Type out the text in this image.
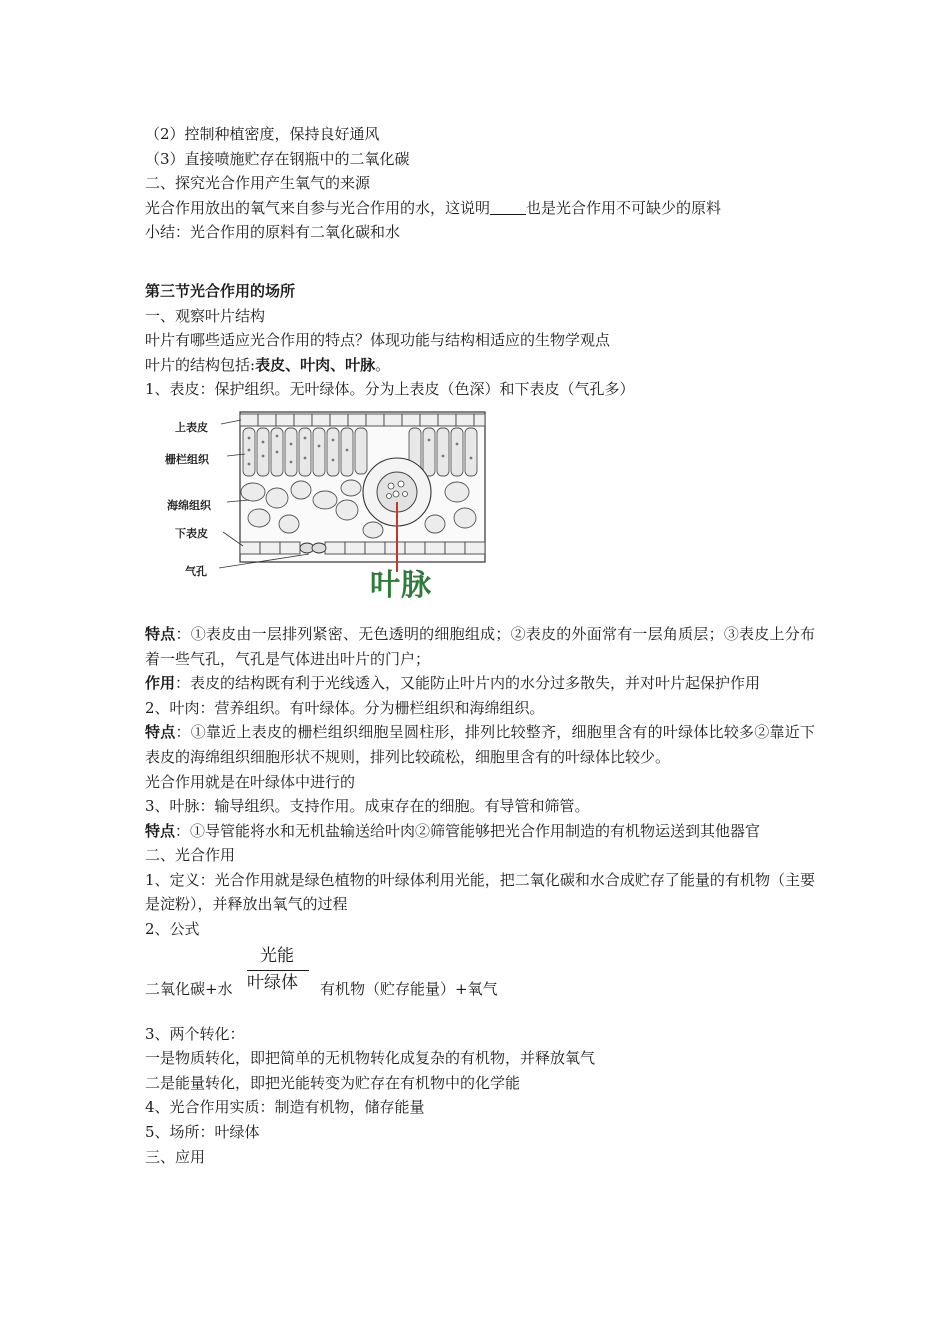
（2）控制种植密度，保持良好通风

（3）直接喷施贮存在钢瓶中的二氧化碳

二、探究光合作用产生氧气的来源

光合作用放出的氧气来自参与光合作用的水，这说明 也是光合作用不可缺少的原料

小结：光合作用的原料有二氧化碳和水

第三节光合作用的场所

一、观察叶片结构

叶片有哪些适应光合作用的特点？体现功能与结构相适应的生物学观点

叶片的结构包括:表皮、叶肉、叶脉。

1、表皮：保护组织。无叶绿体。分为上表皮（色深）和下表皮（气孔多）

上表皮
栅栏组织
海绵组织
下表皮
气孔	叶脉

特点：①表皮由一层排列紧密、无色透明的细胞组成；②表皮的外面常有一层角质层；③表皮上分布着一些气孔，气孔是气体进出叶片的门户；

作用：表皮的结构既有利于光线透入，又能防止叶片内的水分过多散失，并对叶片起保护作用

2、叶肉：营养组织。有叶绿体。分为栅栏组织和海绵组织。

特点：①靠近上表皮的栅栏组织细胞呈圆柱形，排列比较整齐，细胞里含有的叶绿体比较多②靠近下表皮的海绵组织细胞形状不规则，排列比较疏松，细胞里含有的叶绿体比较少。

光合作用就是在叶绿体中进行的

3、叶脉：输导组织。支持作用。成束存在的细胞。有导管和筛管。

特点：①导管能将水和无机盐输送给叶肉②筛管能够把光合作用制造的有机物运送到其他器官

二、光合作用

1、定义：光合作用就是绿色植物的叶绿体利用光能，把二氧化碳和水合成贮存了能量的有机物（主要是淀粉），并释放出氧气的过程

2、公式

二氧化碳+水
光能
叶绿体 有机物（贮存能量）+氧气

3、两个转化：

一是物质转化，即把简单的无机物转化成复杂的有机物，并释放氧气

二是能量转化，即把光能转变为贮存在有机物中的化学能

4、光合作用实质：制造有机物，储存能量

5、场所：叶绿体

三、应用
